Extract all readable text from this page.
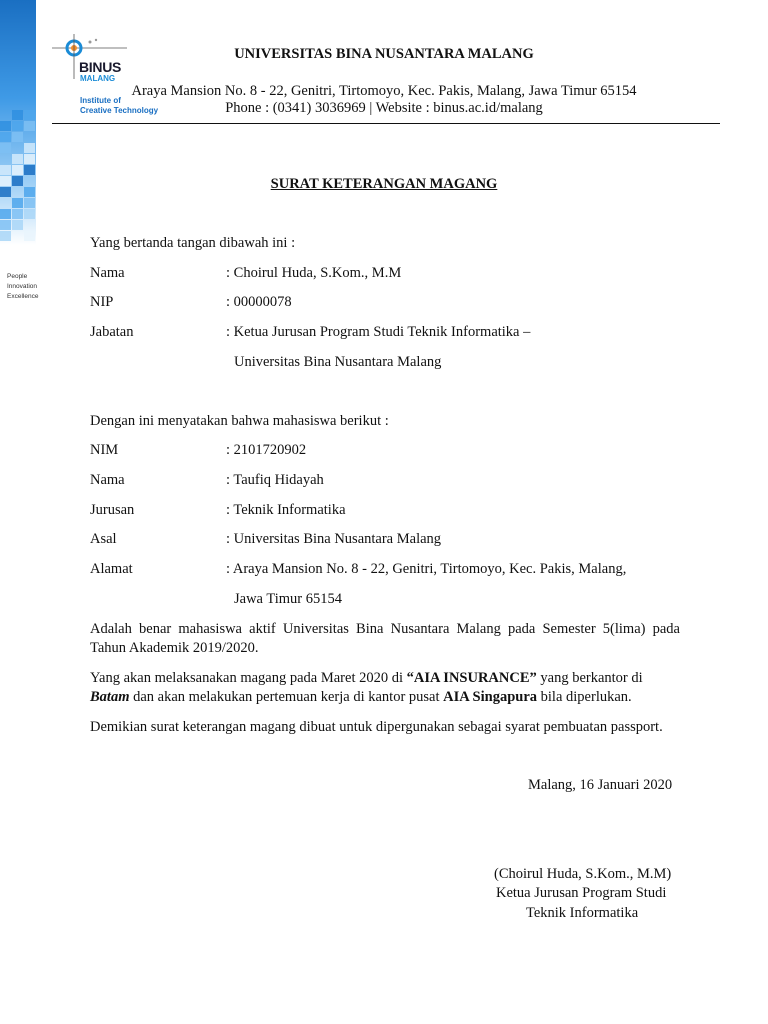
People
Innovation
Excellence
BINUS
MALANG
Institute of
Creative Technology
UNIVERSITAS BINA NUSANTARA MALANG
Araya Mansion No. 8 - 22, Genitri, Tirtomoyo, Kec. Pakis, Malang, Jawa Timur 65154
Phone : (0341) 3036969 | Website : binus.ac.id/malang
SURAT KETERANGAN MAGANG
Yang bertanda tangan dibawah ini :
Nama	: Choirul Huda, S.Kom., M.M
NIP	: 00000078
Jabatan	: Ketua Jurusan Program Studi Teknik Informatika –
Universitas Bina Nusantara Malang
Dengan ini menyatakan bahwa mahasiswa berikut :
NIM	: 2101720902
Nama	: Taufiq Hidayah
Jurusan	: Teknik Informatika
Asal	: Universitas Bina Nusantara Malang
Alamat	: Araya Mansion No. 8 - 22, Genitri, Tirtomoyo, Kec. Pakis, Malang,
Jawa Timur 65154
Adalah benar mahasiswa aktif Universitas Bina Nusantara Malang pada Semester 5(lima) pada Tahun Akademik 2019/2020.
Yang akan melaksanakan magang pada Maret 2020 di “AIA INSURANCE” yang berkantor di
Batam dan akan melakukan pertemuan kerja di kantor pusat AIA Singapura bila diperlukan.
Demikian surat keterangan magang dibuat untuk dipergunakan sebagai syarat pembuatan passport.
Malang, 16 Januari 2020
(Choirul Huda, S.Kom., M.M)
Ketua Jurusan Program Studi
Teknik Informatika
